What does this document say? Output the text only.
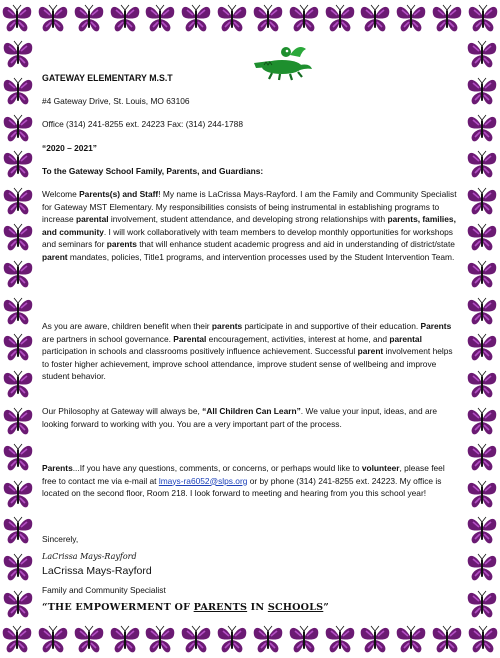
GATEWAY ELEMENTARY M.S.T
#4 Gateway Drive, St. Louis, MO 63106
Office (314) 241-8255 ext. 24223 Fax: (314) 244-1788
“2020 – 2021”
To the Gateway School Family, Parents, and Guardians:

Welcome Parents(s) and Staff! My name is LaCrissa Mays-Rayford. I am the Family and Community Specialist for Gateway MST Elementary. My responsibilities consists of being instrumental in establishing programs to increase parental involvement, student attendance, and developing strong relationships with parents, families, and community. I will work collaboratively with team members to develop monthly opportunities for workshops and seminars for parents that will enhance student academic progress and aid in understanding of district/state parent mandates, policies, Title1 programs, and intervention processes used by the Student Intervention Team.

As you are aware, children benefit when their parents participate in and supportive of their education. Parents are partners in school governance. Parental encouragement, activities, interest at home, and parental participation in schools and classrooms positively influence achievement. Successful parent involvement helps to foster higher achievement, improve school attendance, improve student sense of wellbeing and improve student behavior.

Our Philosophy at Gateway will always be, “All Children Can Learn”. We value your input, ideas, and are looking forward to working with you. You are a very important part of the process.

Parents...If you have any questions, comments, or concerns, or perhaps would like to volunteer, please feel free to contact me via e-mail at lmays-ra6052@slps.org or by phone (314) 241-8255 ext. 24223. My office is located on the second floor, Room 218. I look forward to meeting and hearing from you this school year!

Sincerely,
LaCrissa Mays-Rayford
LaCrissa Mays-Rayford
Family and Community Specialist
“THE EMPOWERMENT OF PARENTS IN SCHOOLS”
